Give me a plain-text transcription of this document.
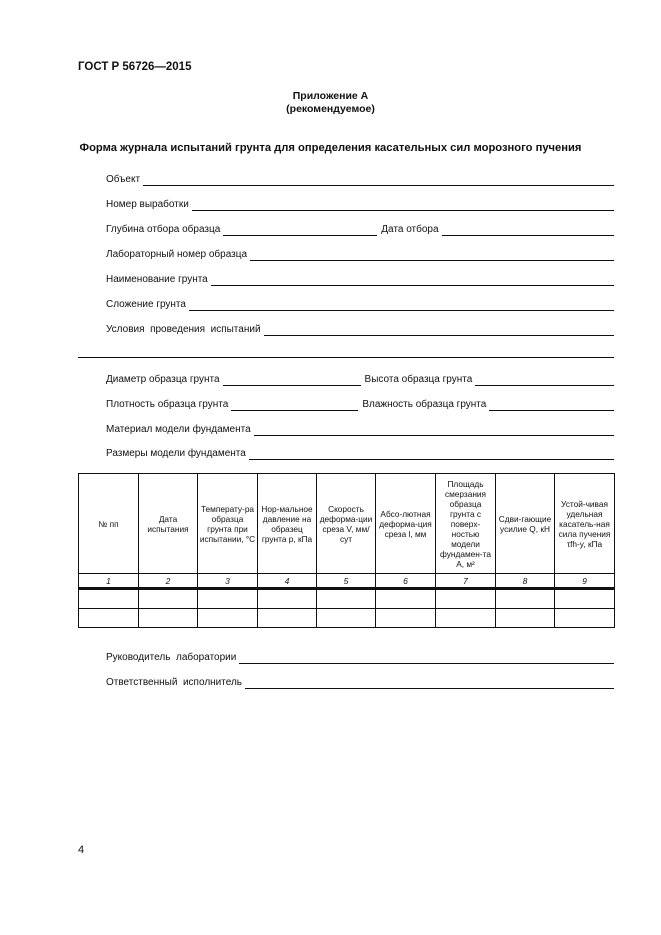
ГОСТ Р 56726—2015
Приложение А
(рекомендуемое)
Форма журнала испытаний грунта для определения касательных сил морозного пучения
Объект
Номер выработки
Глубина отбора образца	Дата отбора
Лабораторный номер образца
Наименование грунта
Сложение грунта
Условия  проведения  испытаний
Диаметр образца грунта	Высота образца грунта
Плотность образца грунта	Влажность образца грунта
Материал модели фундамента
Размеры модели фундамента
№ пп	Дата испытания	Температу-ра образца грунта при испытании, °С	Нор-мальное давление на образец грунта p, кПа	Скорость деформа-ции среза V, мм/сут	Абсо-лютная деформа-ция среза l, мм	Площадь смерзания образца грунта с поверх-ностью модели фундамен-та A, м²	Сдви-гающие усилие Q, кН	Устой-чивая удельная касатель-ная сила пучения τfh-y, кПа
1	2	3	4	5	6	7	8	9

Руководитель  лаборатории
Ответственный  исполнитель
4
